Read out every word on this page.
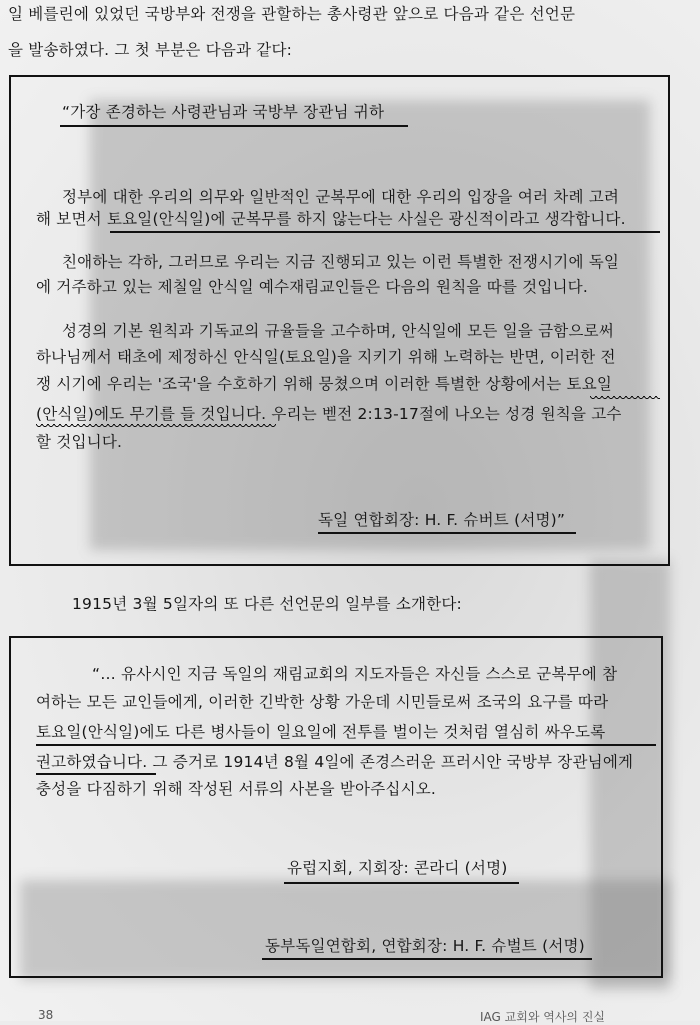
일 베를린에 있었던 국방부와 전쟁을 관할하는 총사령관 앞으로 다음과 같은 선언문
을 발송하였다. 그 첫 부분은 다음과 같다:
“가장 존경하는 사령관님과 국방부 장관님 귀하
정부에 대한 우리의 의무와 일반적인 군복무에 대한 우리의 입장을 여러 차례 고려
해 보면서 토요일(안식일)에 군복무를 하지 않는다는 사실은 광신적이라고 생각합니다.
친애하는 각하, 그러므로 우리는 지금 진행되고 있는 이런 특별한 전쟁시기에 독일
에 거주하고 있는 제칠일 안식일 예수재림교인들은 다음의 원칙을 따를 것입니다.
성경의 기본 원칙과 기독교의 규율들을 고수하며, 안식일에 모든 일을 금함으로써
하나님께서 태초에 제정하신 안식일(토요일)을 지키기 위해 노력하는 반면, 이러한 전
쟁 시기에 우리는 '조국'을 수호하기 위해 뭉쳤으며 이러한 특별한 상황에서는 토요일
(안식일)에도 무기를 들 것입니다. 우리는 벧전 2:13-17절에 나오는 성경 원칙을 고수
할 것입니다.
독일 연합회장: H. F. 슈버트 (서명)”
1915년 3월 5일자의 또 다른 선언문의 일부를 소개한다:
“… 유사시인 지금 독일의 재림교회의 지도자들은 자신들 스스로 군복무에 참
여하는 모든 교인들에게, 이러한 긴박한 상황 가운데 시민들로써 조국의 요구를 따라
토요일(안식일)에도 다른 병사들이 일요일에 전투를 벌이는 것처럼 열심히 싸우도록
권고하였습니다. 그 증거로 1914년 8월 4일에 존경스러운 프러시안 국방부 장관님에게
충성을 다짐하기 위해 작성된 서류의 사본을 받아주십시오.
유럽지회, 지회장: 콘라디 (서명)
동부독일연합회, 연합회장: H. F. 슈벌트 (서명)
38	IAG 교회와 역사의 진실
